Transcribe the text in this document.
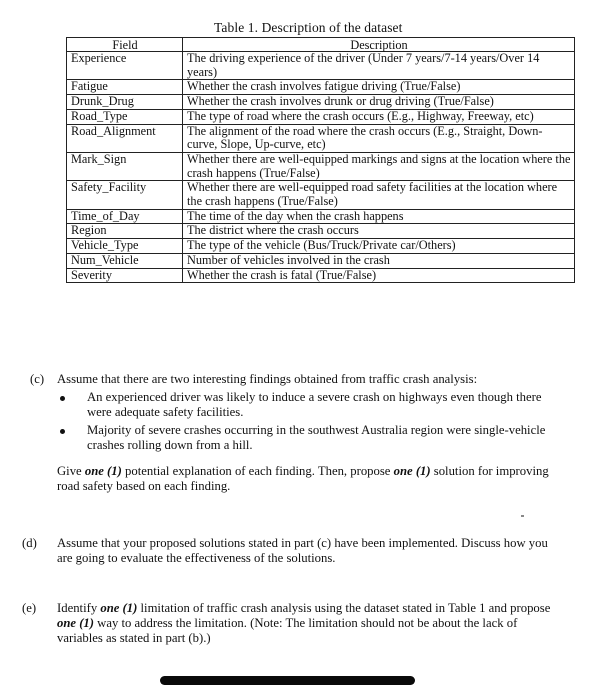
Table 1. Description of the dataset
Field	Description
Experience	The driving experience of the driver (Under 7 years/7-14 years/Over 14 years)
Fatigue	Whether the crash involves fatigue driving (True/False)
Drunk_Drug	Whether the crash involves drunk or drug driving (True/False)
Road_Type	The type of road where the crash occurs (E.g., Highway, Freeway, etc)
Road_Alignment	The alignment of the road where the crash occurs (E.g., Straight, Down-curve, Slope, Up-curve, etc)
Mark_Sign	Whether there are well-equipped markings and signs at the location where the crash happens (True/False)
Safety_Facility	Whether there are well-equipped road safety facilities at the location where the crash happens (True/False)
Time_of_Day	The time of the day when the crash happens
Region	The district where the crash occurs
Vehicle_Type	The type of the vehicle (Bus/Truck/Private car/Others)
Num_Vehicle	Number of vehicles involved in the crash
Severity	Whether the crash is fatal (True/False)
(c) Assume that there are two interesting findings obtained from traffic crash analysis:
An experienced driver was likely to induce a severe crash on highways even though there were adequate safety facilities.
Majority of severe crashes occurring in the southwest Australia region were single-vehicle crashes rolling down from a hill.
Give one (1) potential explanation of each finding. Then, propose one (1) solution for improving road safety based on each finding.
(d) Assume that your proposed solutions stated in part (c) have been implemented. Discuss how you are going to evaluate the effectiveness of the solutions.
(e) Identify one (1) limitation of traffic crash analysis using the dataset stated in Table 1 and propose one (1) way to address the limitation. (Note: The limitation should not be about the lack of variables as stated in part (b).)
